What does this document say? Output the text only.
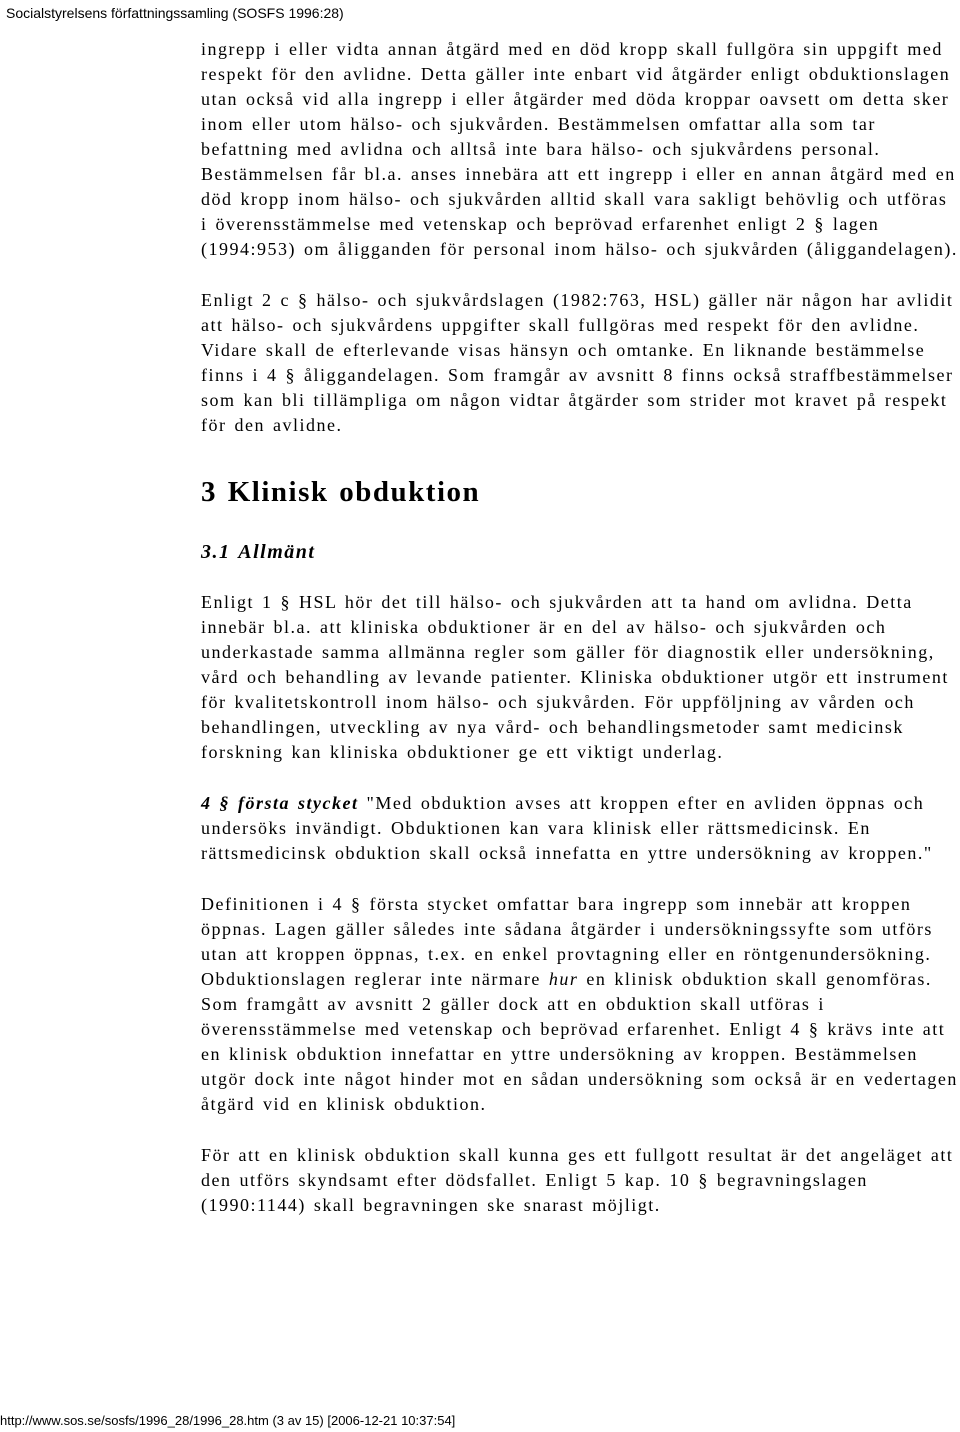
Socialstyrelsens författningssamling (SOSFS 1996:28)

ingrepp i eller vidta annan åtgärd med en död kropp skall fullgöra sin uppgift med respekt för den avlidne. Detta gäller inte enbart vid åtgärder enligt obduktionslagen utan också vid alla ingrepp i eller åtgärder med döda kroppar oavsett om detta sker inom eller utom hälso- och sjukvården. Bestämmelsen omfattar alla som tar befattning med avlidna och alltså inte bara hälso- och sjukvårdens personal. Bestämmelsen får bl.a. anses innebära att ett ingrepp i eller en annan åtgärd med en död kropp inom hälso- och sjukvården alltid skall vara sakligt behövlig och utföras i överensstämmelse med vetenskap och beprövad erfarenhet enligt 2 § lagen (1994:953) om åligganden för personal inom hälso- och sjukvården (åliggandelagen).

Enligt 2 c § hälso- och sjukvårdslagen (1982:763, HSL) gäller när någon har avlidit att hälso- och sjukvårdens uppgifter skall fullgöras med respekt för den avlidne. Vidare skall de efterlevande visas hänsyn och omtanke. En liknande bestämmelse finns i 4 § åliggandelagen. Som framgår av avsnitt 8 finns också straffbestämmelser som kan bli tillämpliga om någon vidtar åtgärder som strider mot kravet på respekt för den avlidne.

3 Klinisk obduktion
3.1 Allmänt

Enligt 1 § HSL hör det till hälso- och sjukvården att ta hand om avlidna. Detta innebär bl.a. att kliniska obduktioner är en del av hälso- och sjukvården och underkastade samma allmänna regler som gäller för diagnostik eller undersökning, vård och behandling av levande patienter. Kliniska obduktioner utgör ett instrument för kvalitetskontroll inom hälso- och sjukvården. För uppföljning av vården och behandlingen, utveckling av nya vård- och behandlingsmetoder samt medicinsk forskning kan kliniska obduktioner ge ett viktigt underlag.

4 § första stycket "Med obduktion avses att kroppen efter en avliden öppnas och undersöks invändigt. Obduktionen kan vara klinisk eller rättsmedicinsk. En rättsmedicinsk obduktion skall också innefatta en yttre undersökning av kroppen."

Definitionen i 4 § första stycket omfattar bara ingrepp som innebär att kroppen öppnas. Lagen gäller således inte sådana åtgärder i undersökningssyfte som utförs utan att kroppen öppnas, t.ex. en enkel provtagning eller en röntgenundersökning. Obduktionslagen reglerar inte närmare hur en klinisk obduktion skall genomföras. Som framgått av avsnitt 2 gäller dock att en obduktion skall utföras i överensstämmelse med vetenskap och beprövad erfarenhet. Enligt 4 § krävs inte att en klinisk obduktion innefattar en yttre undersökning av kroppen. Bestämmelsen utgör dock inte något hinder mot en sådan undersökning som också är en vedertagen åtgärd vid en klinisk obduktion.

För att en klinisk obduktion skall kunna ges ett fullgott resultat är det angeläget att den utförs skyndsamt efter dödsfallet. Enligt 5 kap. 10 § begravningslagen (1990:1144) skall begravningen ske snarast möjligt.

http://www.sos.se/sosfs/1996_28/1996_28.htm (3 av 15) [2006-12-21 10:37:54]
